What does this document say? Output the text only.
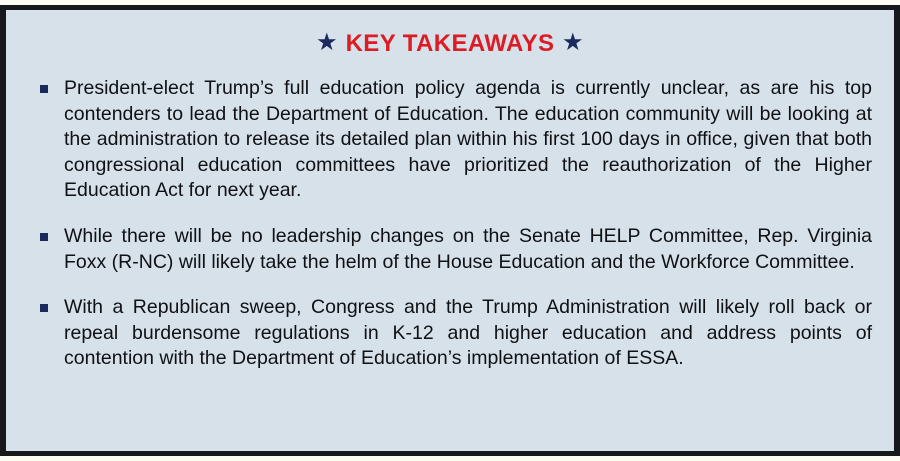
★ KEY TAKEAWAYS ★
President-elect Trump’s full education policy agenda is currently unclear, as are his top contenders to lead the Department of Education. The education community will be looking at the administration to release its detailed plan within his first 100 days in office, given that both congressional education committees have prioritized the reauthorization of the Higher Education Act for next year.
While there will be no leadership changes on the Senate HELP Committee, Rep. Virginia Foxx (R-NC) will likely take the helm of the House Education and the Workforce Committee.
With a Republican sweep, Congress and the Trump Administration will likely roll back or repeal burdensome regulations in K-12 and higher education and address points of contention with the Department of Education’s implementation of ESSA.
